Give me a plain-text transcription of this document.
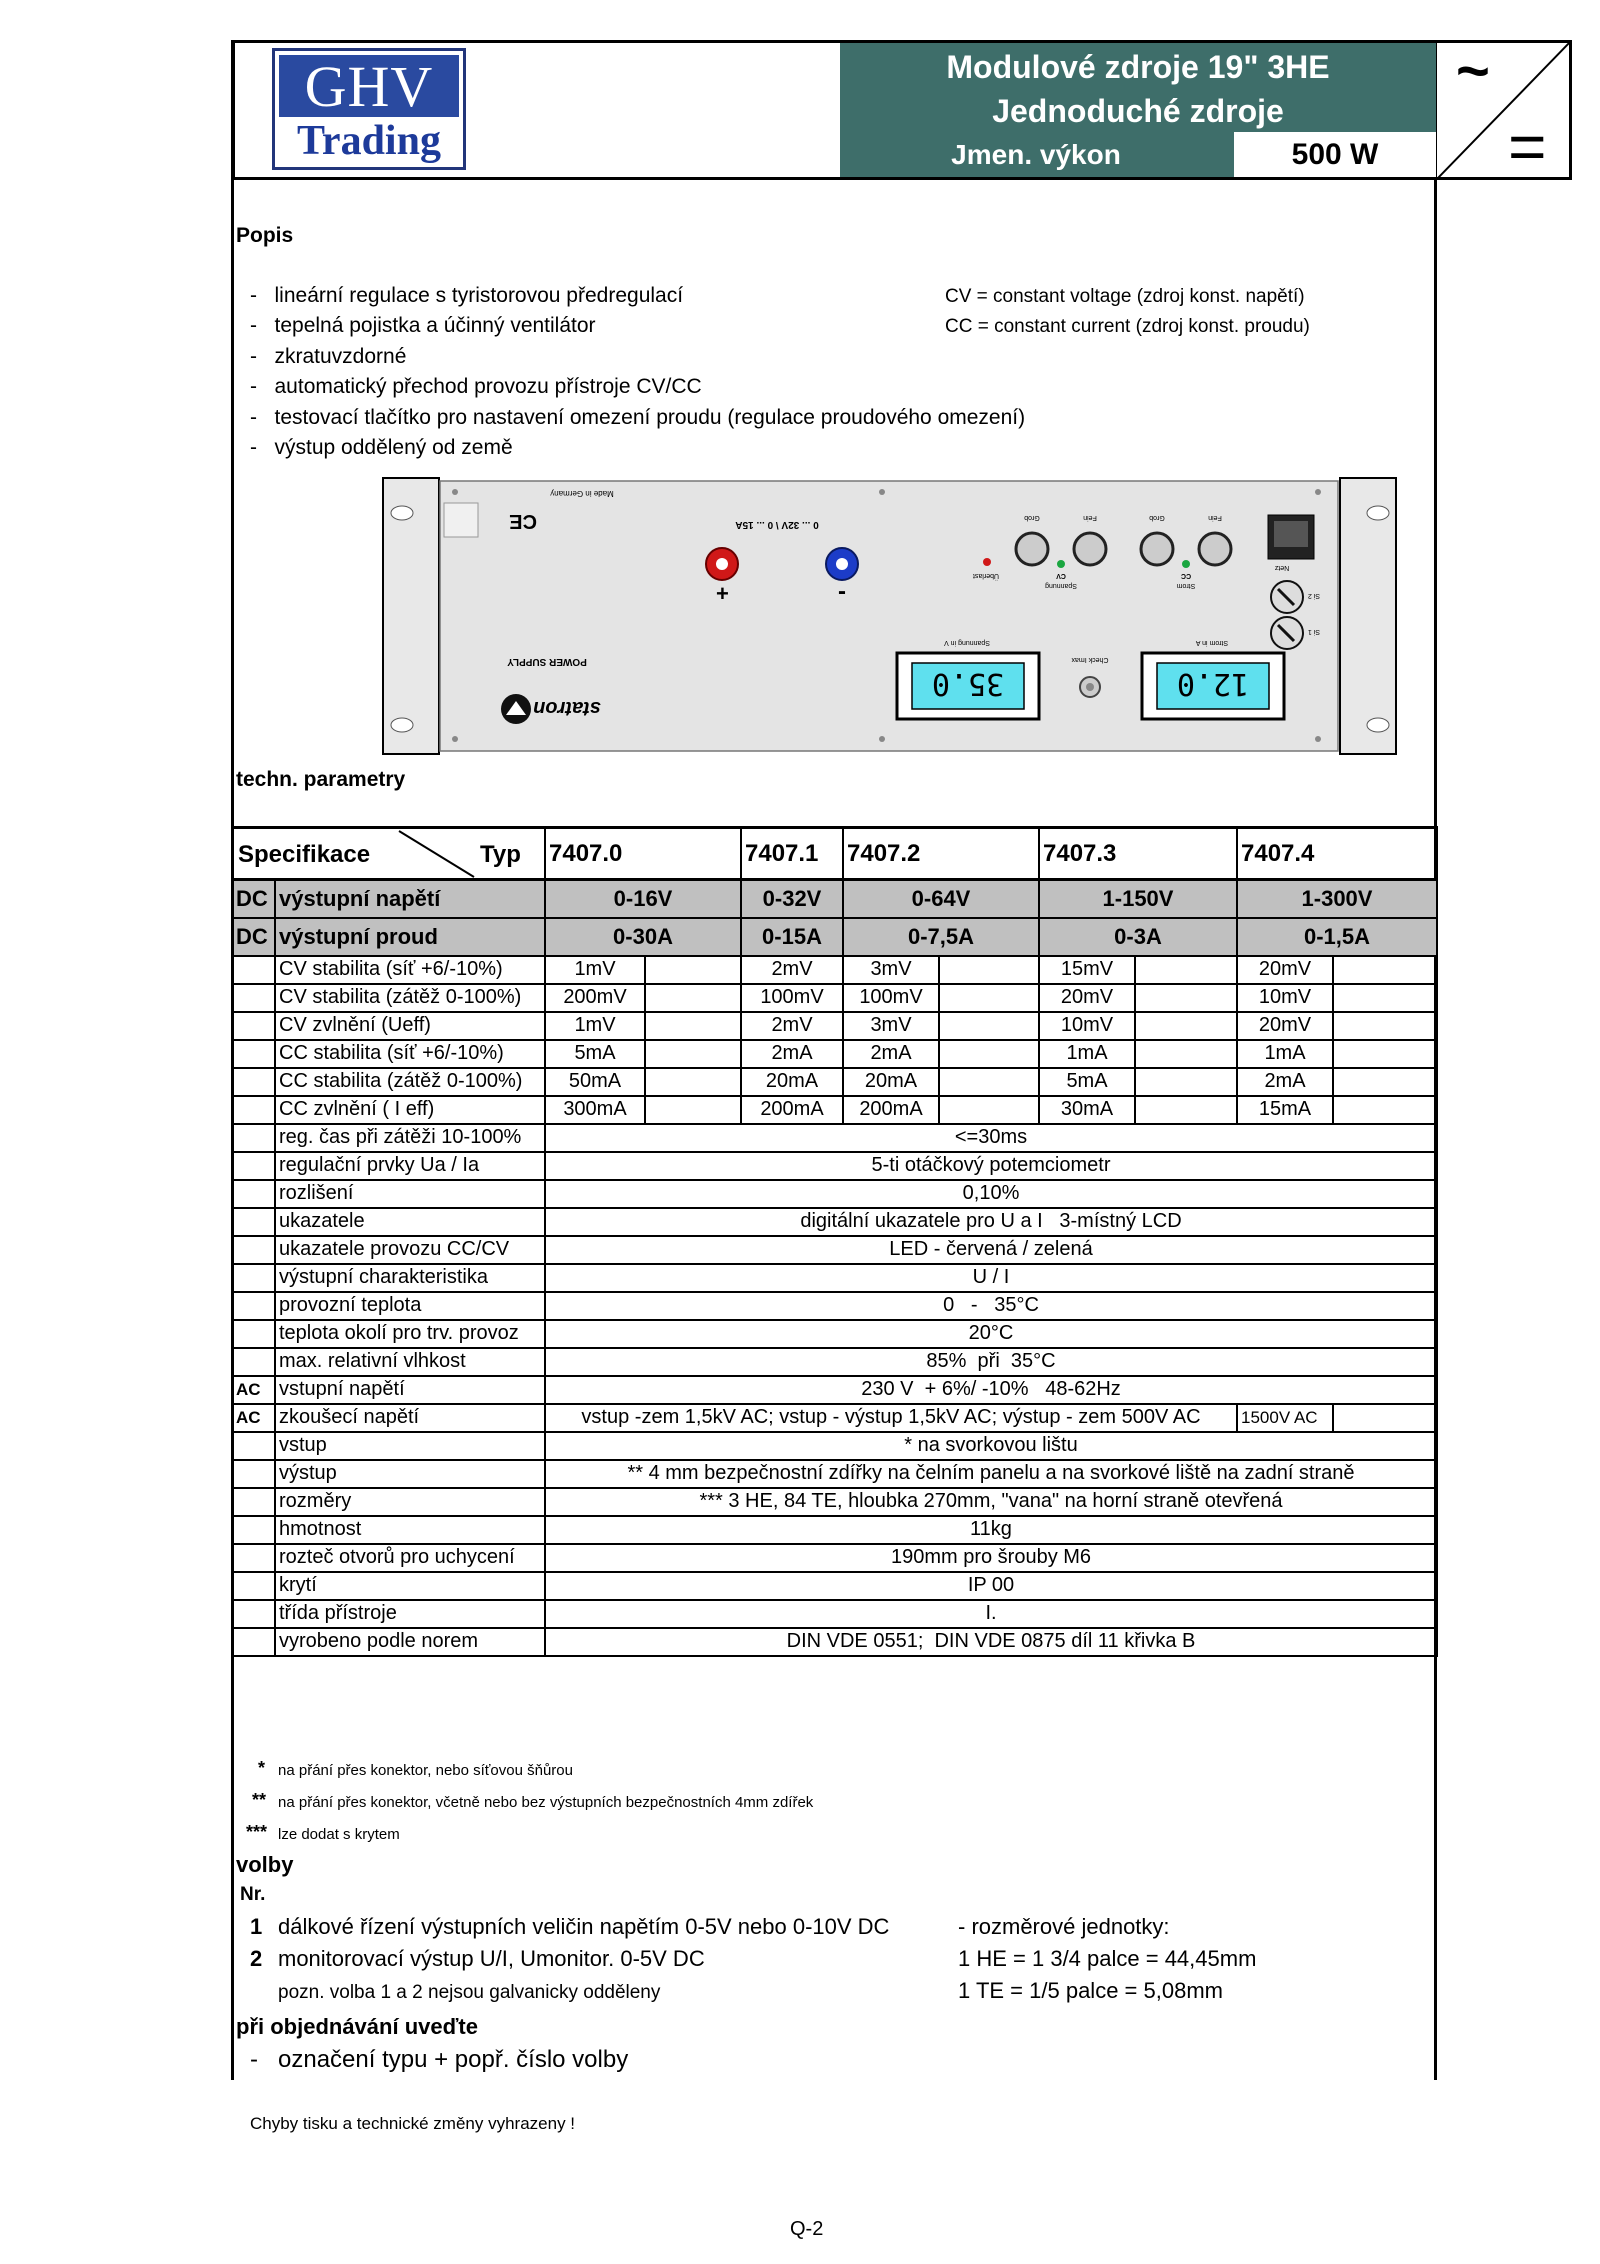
GHV
Trading
Modulové zdroje 19" 3HE
Jednoduché zdroje
Jmen. výkon	500 W
~
=
Popis
-   lineární regulace s tyristorovou předregulací
-   tepelná pojistka a účinný ventilátor
-   zkratuvzdorné
-   automatický přechod provozu přístroje CV/CC
-   testovací tlačítko pro nastavení omezení proudu (regulace proudového omezení)
-   výstup oddělený od země
CV = constant voltage (zdroj konst. napětí)
CC = constant current (zdroj konst. proudu)
Made in Germany
CE	0 ... 32V \ 0 ... 15A
POWER SUPPLY
statron
+	-
Überlast
Grob	Fein	Grob	Fein
CV	CC
Spannung	Strom
Netz
Si 2
Si 1
35.0	12.0
Spannung in V	Strom in A
Check Imax
techn. parametry
Specifikace Typ		7407.0		7407.1	7407.2		7407.3		7407.4	
DC	výstupní napětí	0-16V		0-32V	0-64V		1-150V		1-300V	
DC	výstupní proud	0-30A		0-15A	0-7,5A		0-3A		0-1,5A	
	CV stabilita (síť +6/-10%)	1mV		2mV	3mV		15mV		20mV	
	CV stabilita (zátěž 0-100%)	200mV		100mV	100mV		20mV		10mV	
	CV zvlnění (Ueff)	1mV		2mV	3mV		10mV		20mV	
	CC stabilita (síť +6/-10%)	5mA		2mA	2mA		1mA		1mA	
	CC stabilita (zátěž 0-100%)	50mA		20mA	20mA		5mA		2mA	
	CC zvlnění ( I eff)	300mA		200mA	200mA		30mA		15mA	
	reg. čas při zátěži 10-100%	<=30ms								
	regulační prvky Ua / Ia	5-ti otáčkový potemciometr								
	rozlišení	0,10%								
	ukazatele	digitální ukazatele pro U a I   3-místný LCD								
	ukazatele provozu CC/CV	LED - červená / zelená								
	výstupní charakteristika	U / I								
	provozní teplota	0   -   35°C								
	teplota okolí pro trv. provoz	20°C								
	max. relativní vlhkost	85%  při  35°C								
AC	vstupní napětí	230 V  + 6%/ -10%   48-62Hz								
AC	zkoušecí napětí	vstup -zem 1,5kV AC; vstup - výstup 1,5kV AC; výstup - zem 500V AC							1500V AC	
	vstup	* na svorkovou lištu								
	výstup	** 4 mm bezpečnostní zdířky na čelním panelu a na svorkové liště na zadní straně								
	rozměry	*** 3 HE, 84 TE, hloubka 270mm, "vana" na horní straně otevřená								
	hmotnost	11kg								
	rozteč otvorů pro uchycení	190mm pro šrouby M6								
	krytí	IP 00								
	třída přístroje	I.								
	vyrobeno podle norem	DIN VDE 0551;  DIN VDE 0875 díl 11 křivka B								
* na přání přes konektor, nebo síťovou šňůrou
** na přání přes konektor, včetně nebo bez výstupních bezpečnostních 4mm zdířek
*** lze dodat s krytem
volby
Nr.
1 dálkové řízení výstupních veličin napětím 0-5V nebo 0-10V DC
2 monitorovací výstup U/I, Umonitor. 0-5V DC
pozn. volba 1 a 2 nejsou galvanicky odděleny
- rozměrové jednotky:
1 HE = 1 3/4 palce = 44,45mm
1 TE = 1/5 palce = 5,08mm
při objednávání uveďte
- označení typu + popř. číslo volby
Chyby tisku a technické změny vyhrazeny !
Q-2
